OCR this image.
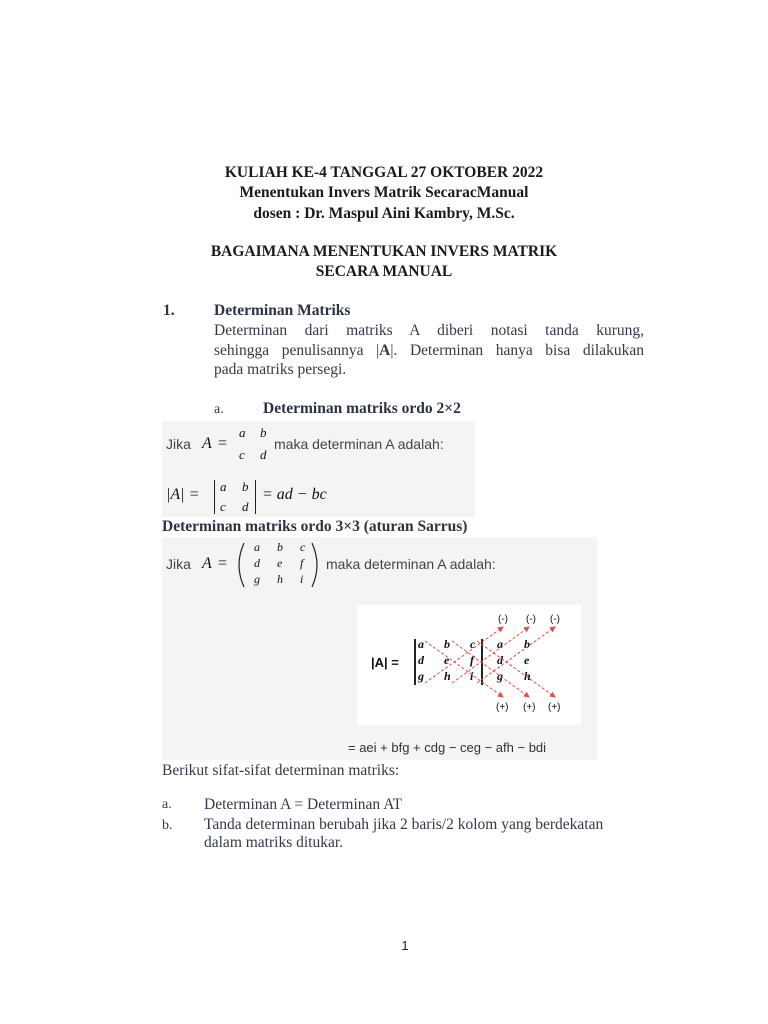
KULIAH KE-4 TANGGAL 27 OKTOBER 2022
Menentukan Invers Matrik SecaracManual
dosen : Dr. Maspul Aini Kambry, M.Sc.
BAGAIMANA MENENTUKAN INVERS MATRIK
SECARA MANUAL
1.	Determinan Matriks
Determinan dari matriks A diberi notasi tanda kurung,
sehingga penulisannya |A|. Determinan hanya bisa dilakukan
pada matriks persegi.
a.	Determinan matriks ordo 2×2
Jika A =
a b
c d
maka determinan A adalah:
|A| = a b
c d
= ad − bc
Determinan matriks ordo 3×3 (aturan Sarrus)
Jika A =
a b c
d e f
g h i
maka determinan A adalah:
(-) (-) (-)
|A| =
a b c
d e f
g h i
a b
d e
g h
(+) (+) (+)
= aei + bfg + cdg − ceg − afh − bdi
Berikut sifat-sifat determinan matriks:
a. Determinan A = Determinan AT
b. Tanda determinan berubah jika 2 baris/2 kolom yang berdekatan
dalam matriks ditukar.
1
